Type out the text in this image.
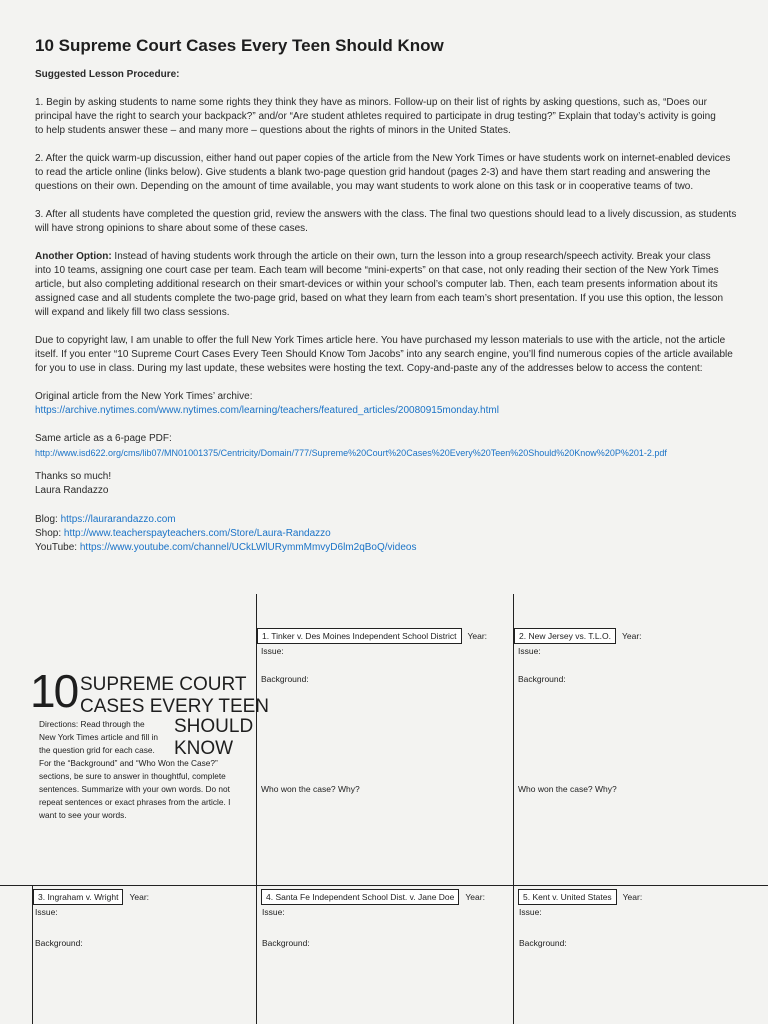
10 Supreme Court Cases Every Teen Should Know

Suggested Lesson Procedure:

1. Begin by asking students to name some rights they think they have as minors. Follow-up on their list of rights by asking questions, such as, “Does our
principal have the right to search your backpack?” and/or “Are student athletes required to participate in drug testing?” Explain that today’s activity is going
to help students answer these – and many more – questions about the rights of minors in the United States.

2. After the quick warm-up discussion, either hand out paper copies of the article from the New York Times or have students work on internet-enabled devices
to read the article online (links below). Give students a blank two-page question grid handout (pages 2-3) and have them start reading and answering the
questions on their own. Depending on the amount of time available, you may want students to work alone on this task or in cooperative teams of two.

3. After all students have completed the question grid, review the answers with the class. The final two questions should lead to a lively discussion, as students
will have strong opinions to share about some of these cases.

Another Option: Instead of having students work through the article on their own, turn the lesson into a group research/speech activity. Break your class
into 10 teams, assigning one court case per team. Each team will become “mini-experts” on that case, not only reading their section of the New York Times
article, but also completing additional research on their smart-devices or within your school’s computer lab. Then, each team presents information about its
assigned case and all students complete the two-page grid, based on what they learn from each team’s short presentation. If you use this option, the lesson
will expand and likely fill two class sessions.

Due to copyright law, I am unable to offer the full New York Times article here. You have purchased my lesson materials to use with the article, not the article
itself. If you enter “10 Supreme Court Cases Every Teen Should Know Tom Jacobs” into any search engine, you’ll find numerous copies of the article available
for you to use in class. During my last update, these websites were hosting the text. Copy-and-paste any of the addresses below to access the content:

Original article from the New York Times’ archive:
https://archive.nytimes.com/www.nytimes.com/learning/teachers/featured_articles/20080915monday.html

Same article as a 6-page PDF:
http://www.isd622.org/cms/lib07/MN01001375/Centricity/Domain/777/Supreme%20Court%20Cases%20Every%20Teen%20Should%20Know%20P%201-2.pdf

Thanks so much!
Laura Randazzo

Blog: https://laurarandazzo.com
Shop: http://www.teacherspayteachers.com/Store/Laura-Randazzo
YouTube: https://www.youtube.com/channel/UCkLWlURymmMmvyD6lm2qBoQ/videos

10 SUPREME COURT
CASES EVERY TEEN
SHOULD
KNOW
Directions: Read through the
New York Times article and fill in
the question grid for each case.
For the “Background” and “Who Won the Case?”
sections, be sure to answer in thoughtful, complete
sentences. Summarize with your own words. Do not
repeat sentences or exact phrases from the article. I
want to see your words.
1. Tinker v. Des Moines Independent School District Year:
Issue:
Background:
Who won the case? Why?
2. New Jersey vs. T.L.O. Year:
Issue:
Background:
Who won the case? Why?
3. Ingraham v. Wright Year:
Issue:
Background:
4. Santa Fe Independent School Dist. v. Jane Doe Year:
Issue:
Background:
5. Kent v. United States Year:
Issue:
Background:
